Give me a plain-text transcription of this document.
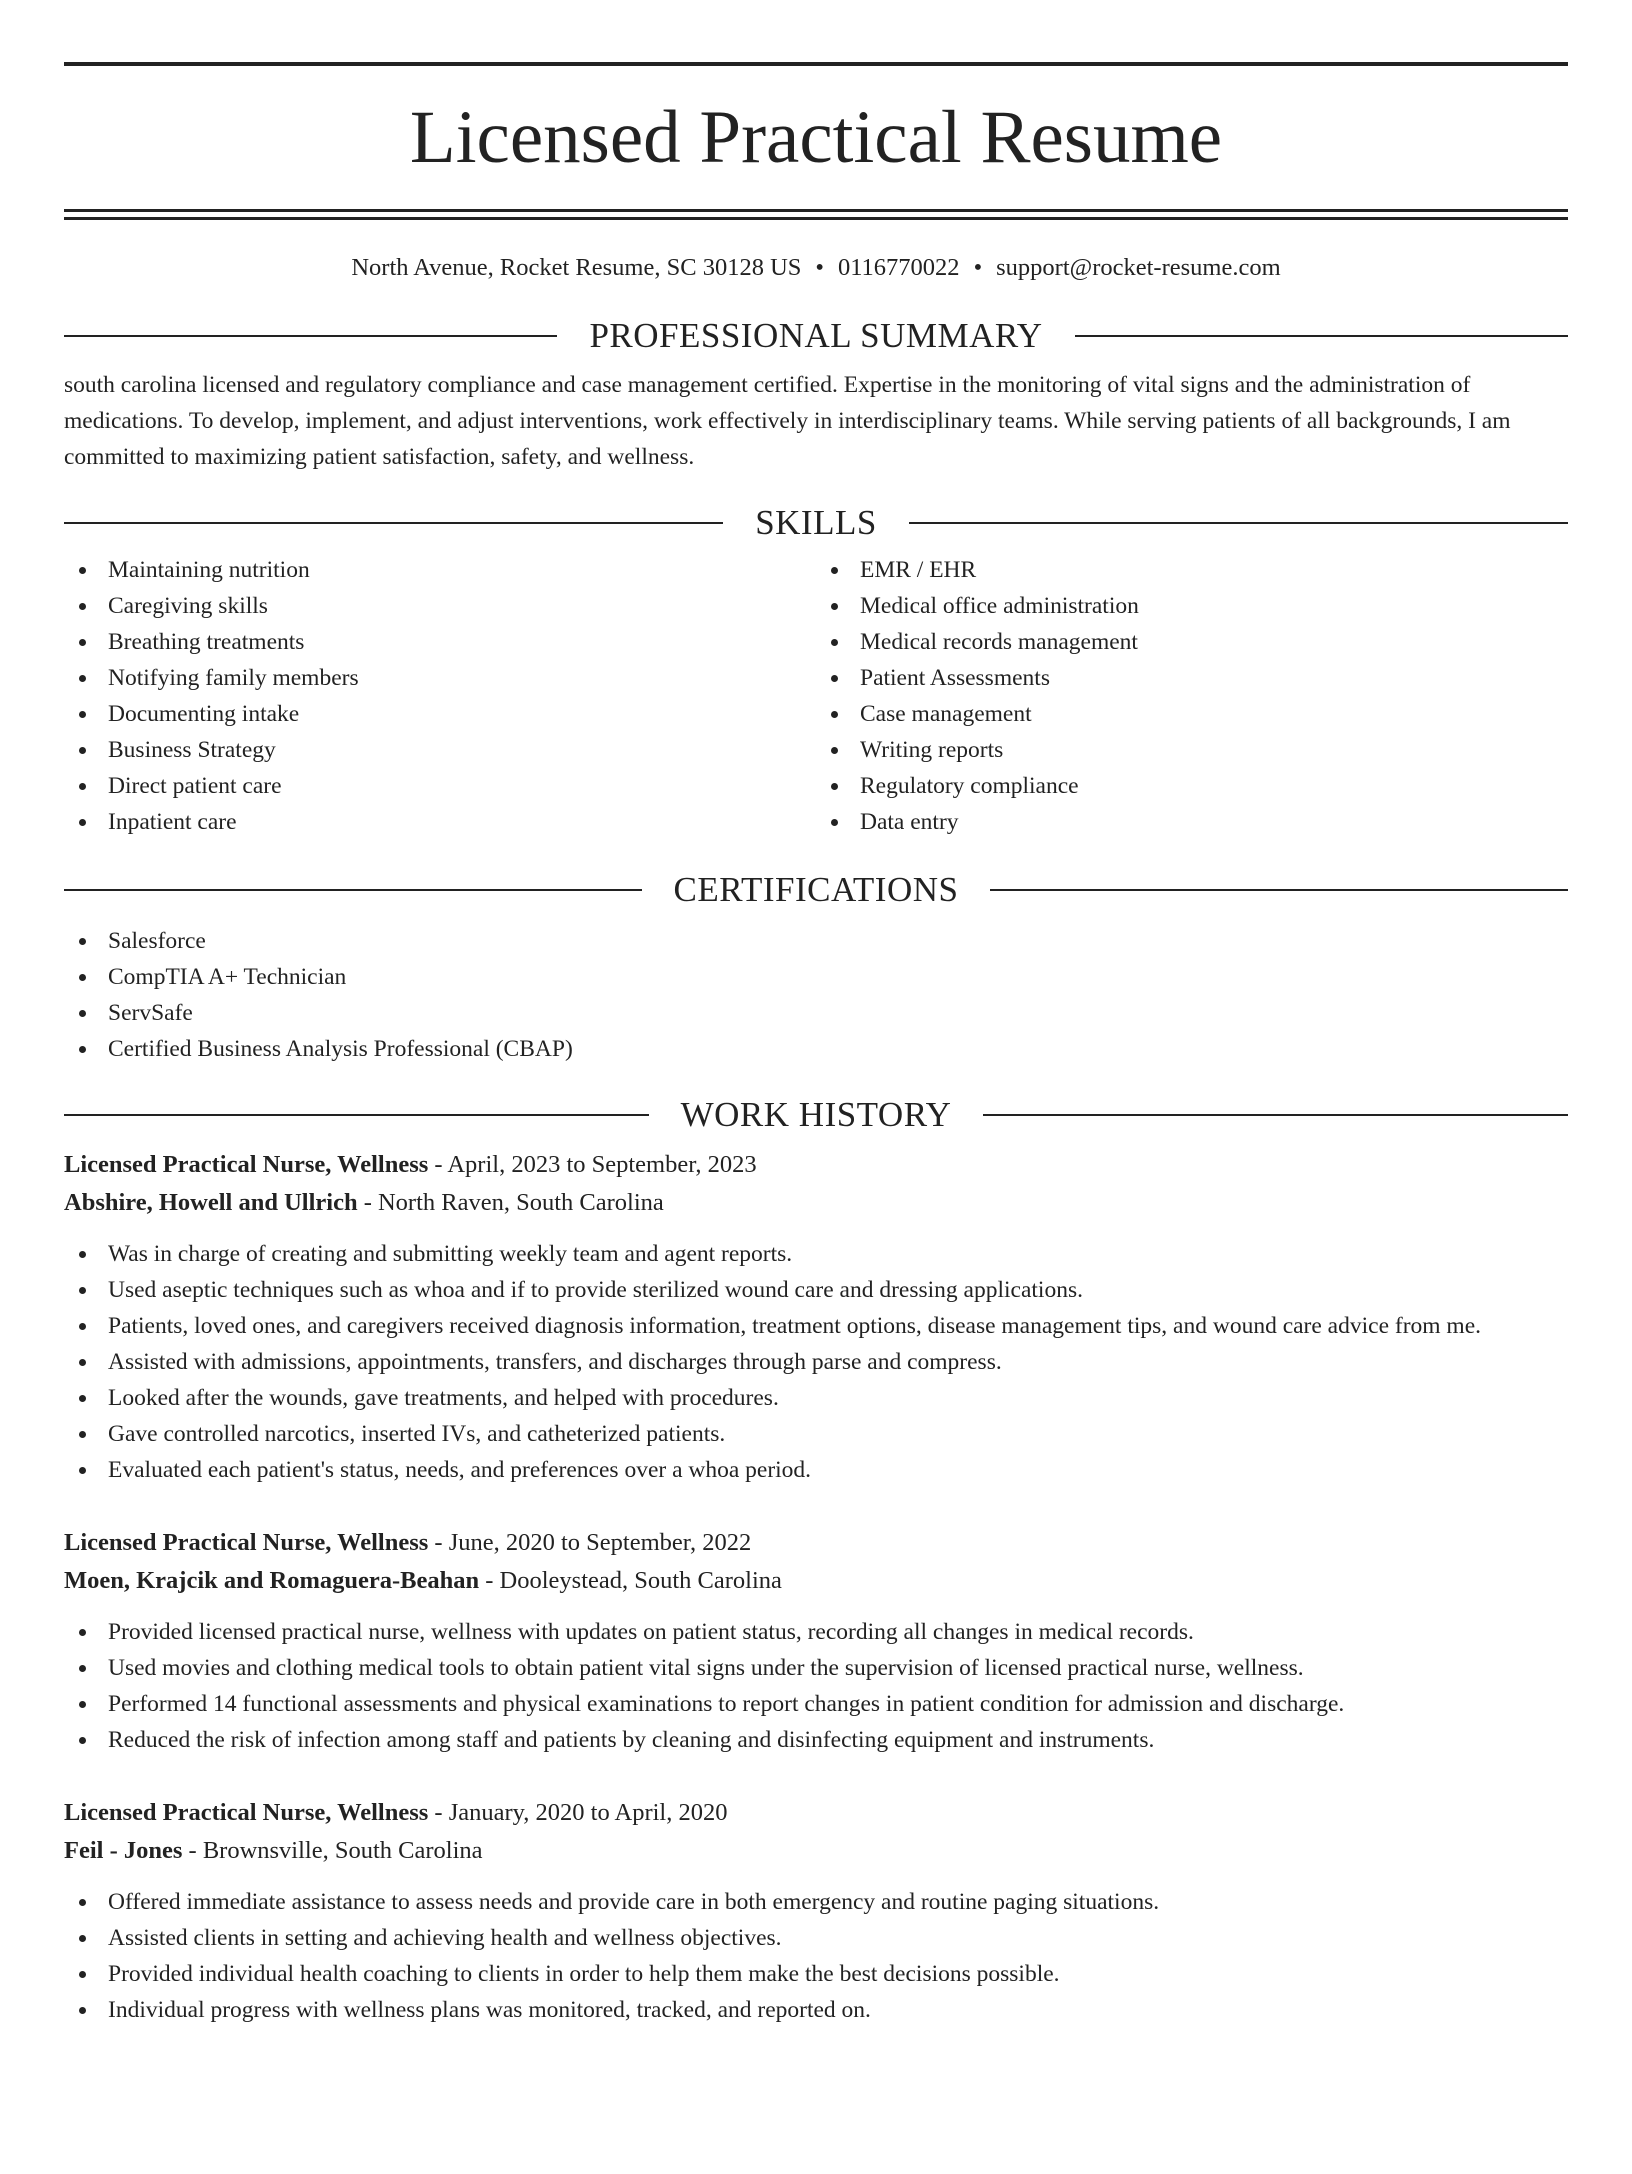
Licensed Practical Resume
North Avenue, Rocket Resume, SC 30128 US • 0116770022 • support@rocket-resume.com
PROFESSIONAL SUMMARY

south carolina licensed and regulatory compliance and case management certified. Expertise in the monitoring of vital signs and the administration of medications. To develop, implement, and adjust interventions, work effectively in interdisciplinary teams. While serving patients of all backgrounds, I am committed to maximizing patient satisfaction, safety, and wellness.

SKILLS
Maintaining nutrition
Caregiving skills
Breathing treatments
Notifying family members
Documenting intake
Business Strategy
Direct patient care
Inpatient care
EMR / EHR
Medical office administration
Medical records management
Patient Assessments
Case management
Writing reports
Regulatory compliance
Data entry
CERTIFICATIONS
Salesforce
CompTIA A+ Technician
ServSafe
Certified Business Analysis Professional (CBAP)
WORK HISTORY
Licensed Practical Nurse, Wellness - April, 2023 to September, 2023
Abshire, Howell and Ullrich - North Raven, South Carolina
Was in charge of creating and submitting weekly team and agent reports.
Used aseptic techniques such as whoa and if to provide sterilized wound care and dressing applications.
Patients, loved ones, and caregivers received diagnosis information, treatment options, disease management tips, and wound care advice from me.
Assisted with admissions, appointments, transfers, and discharges through parse and compress.
Looked after the wounds, gave treatments, and helped with procedures.
Gave controlled narcotics, inserted IVs, and catheterized patients.
Evaluated each patient's status, needs, and preferences over a whoa period.
Licensed Practical Nurse, Wellness - June, 2020 to September, 2022
Moen, Krajcik and Romaguera-Beahan - Dooleystead, South Carolina
Provided licensed practical nurse, wellness with updates on patient status, recording all changes in medical records.
Used movies and clothing medical tools to obtain patient vital signs under the supervision of licensed practical nurse, wellness.
Performed 14 functional assessments and physical examinations to report changes in patient condition for admission and discharge.
Reduced the risk of infection among staff and patients by cleaning and disinfecting equipment and instruments.
Licensed Practical Nurse, Wellness - January, 2020 to April, 2020
Feil - Jones - Brownsville, South Carolina
Offered immediate assistance to assess needs and provide care in both emergency and routine paging situations.
Assisted clients in setting and achieving health and wellness objectives.
Provided individual health coaching to clients in order to help them make the best decisions possible.
Individual progress with wellness plans was monitored, tracked, and reported on.
